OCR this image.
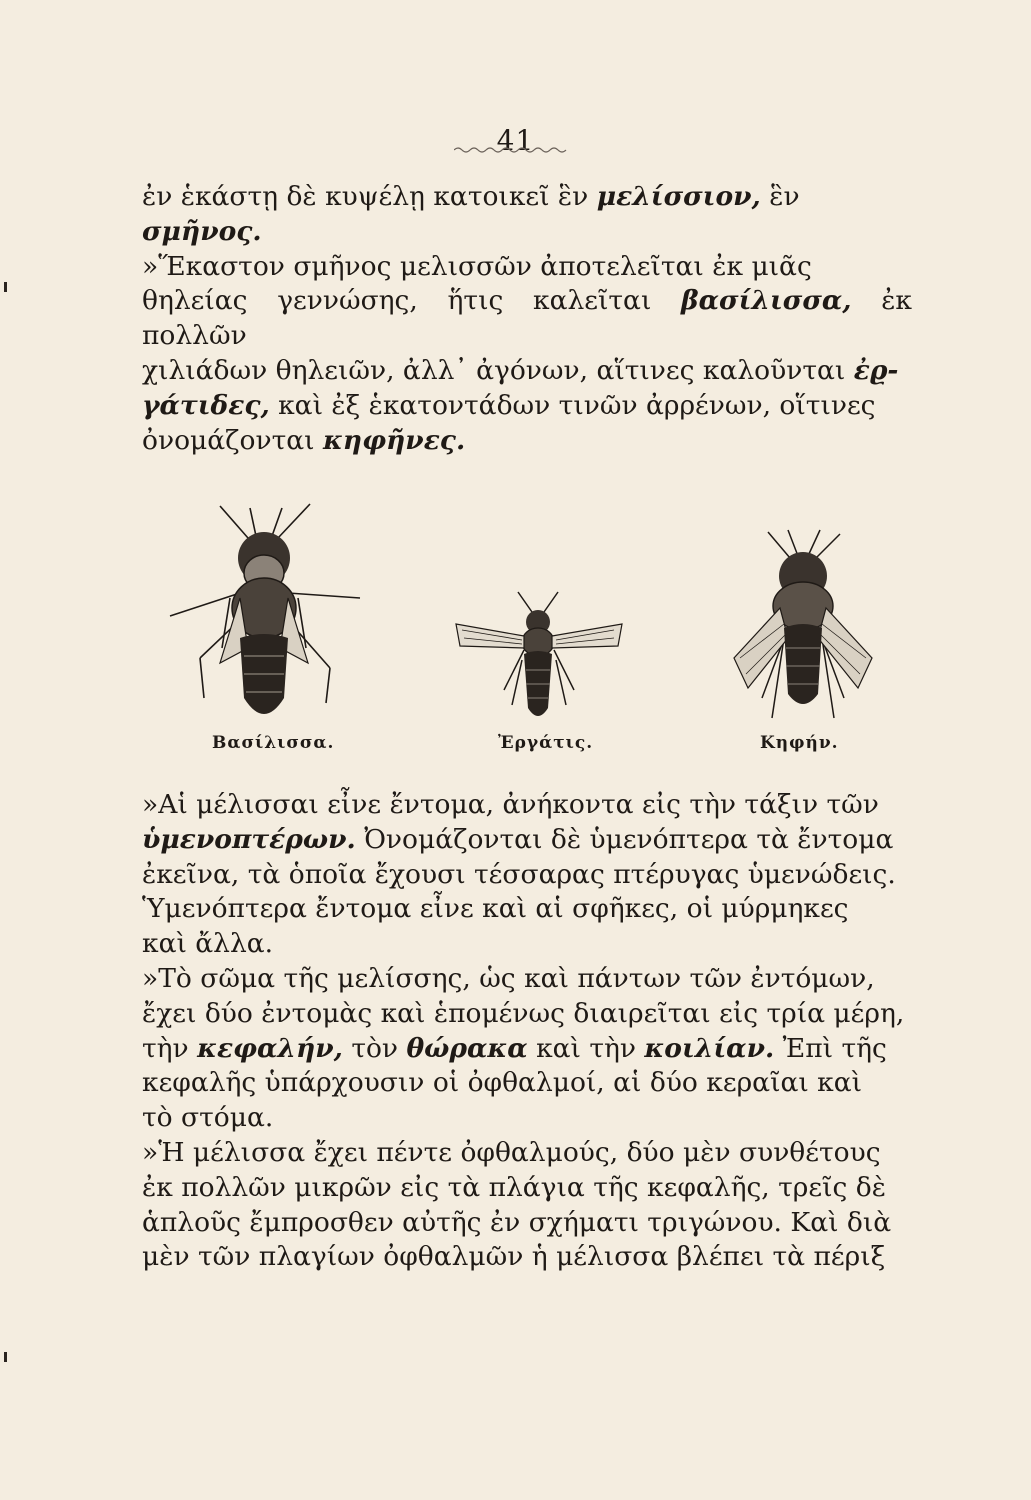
41

ἐν ἑκάστῃ δὲ κυψέλῃ κατοικεῖ ἓν μελίσσιον, ἓν

σμῆνος.

»Ἕκαστον σμῆνος μελισσῶν ἀποτελεῖται ἐκ μιᾶς

θηλείας γεννώσης, ἥτις καλεῖται βασίλισσα, ἐκ πολλῶν

χιλιάδων θηλειῶν, ἀλλ᾽ ἀγόνων, αἵτινες καλοῦνται ἐϱ-

γάτιδες, καὶ ἐξ ἑκατοντάδων τινῶν ἀρρένων, οἵτινες

ὀνομάζονται κηφῆνες.

Βασίλισσα.	Ἐργάτις.	Κηφήν.

»Αἱ μέλισσαι εἶνε ἔντομα, ἀνήκοντα εἰς τὴν τάξιν τῶν

ὑμενοπτέρων. Ὀνομάζονται δὲ ὑμενόπτερα τὰ ἔντομα

ἐκεῖνα, τὰ ὁποῖα ἔχουσι τέσσαρας πτέρυγας ὑμενώδεις.

Ὑμενόπτερα ἔντομα εἶνε καὶ αἱ σφῆκες, οἱ μύρμηκες

καὶ ἄλλα.

»Τὸ σῶμα τῆς μελίσσης, ὡς καὶ πάντων τῶν ἐντόμων,

ἔχει δύο ἐντομὰς καὶ ἑπομένως διαιρεῖται εἰς τρία μέρη,

τὴν κεφαλήν, τὸν θώρακα καὶ τὴν κοιλίαν. Ἐπὶ τῆς

κεφαλῆς ὑπάρχουσιν οἱ ὀφθαλμοί, αἱ δύο κεραῖαι καὶ

τὸ στόμα.

»Ἡ μέλισσα ἔχει πέντε ὀφθαλμούς, δύο μὲν συνθέτους

ἐκ πολλῶν μικρῶν εἰς τὰ πλάγια τῆς κεφαλῆς, τρεῖς δὲ

ἁπλοῦς ἔμπροσθεν αὐτῆς ἐν σχήματι τριγώνου. Καὶ διὰ

μὲν τῶν πλαγίων ὀφθαλμῶν ἡ μέλισσα βλέπει τὰ πέριξ
